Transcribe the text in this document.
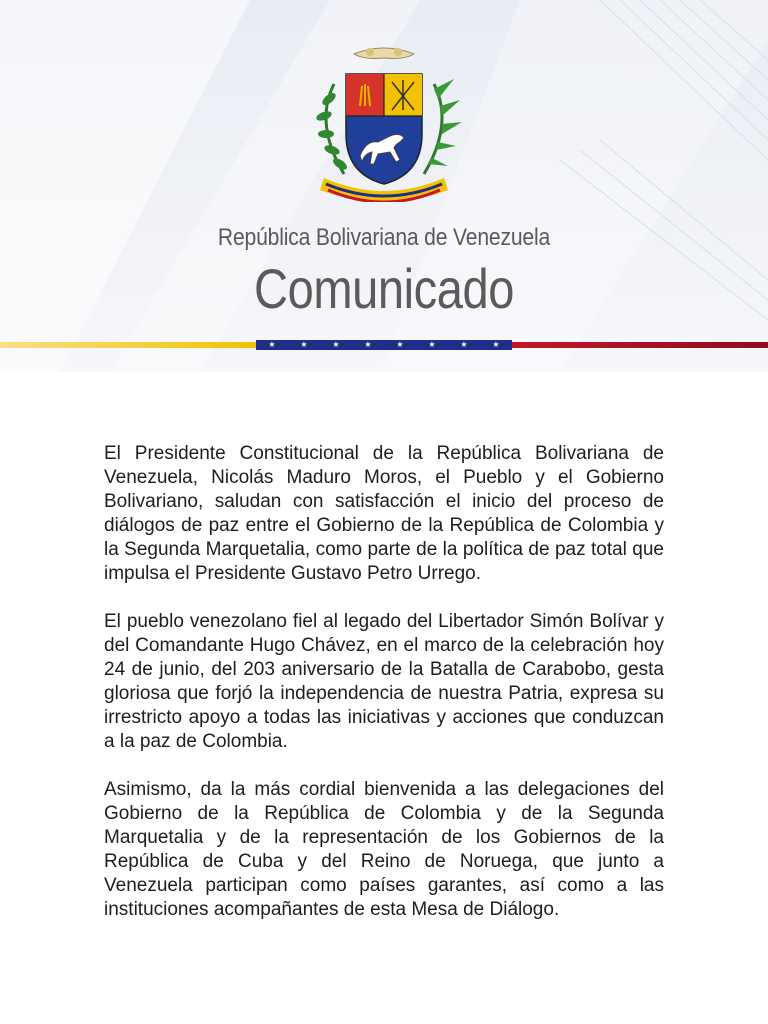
República Bolivariana de Venezuela
Comunicado
★	★	★	★	★	★	★	★

El Presidente Constitucional de la República Bolivariana de Venezuela, Nicolás Maduro Moros, el Pueblo y el Gobierno Bolivariano, saludan con satisfacción el inicio del proceso de diálogos de paz entre el Gobierno de la República de Colombia y la Segunda Marquetalia, como parte de la política de paz total que impulsa el Presidente Gustavo Petro Urrego.

El pueblo venezolano fiel al legado del Libertador Simón Bolívar y del Comandante Hugo Chávez, en el marco de la celebración hoy 24 de junio, del 203 aniversario de la Batalla de Carabobo, gesta gloriosa que forjó la independencia de nuestra Patria, expresa su irrestricto apoyo a todas las iniciativas y acciones que conduzcan a la paz de Colombia.

Asimismo, da la más cordial bienvenida a las delegaciones del Gobierno de la República de Colombia y de la Segunda Marquetalia y de la representación de los Gobiernos de la República de Cuba y del Reino de Noruega, que junto a Venezuela participan como países garantes, así como a las instituciones acompañantes de esta Mesa de Diálogo.
